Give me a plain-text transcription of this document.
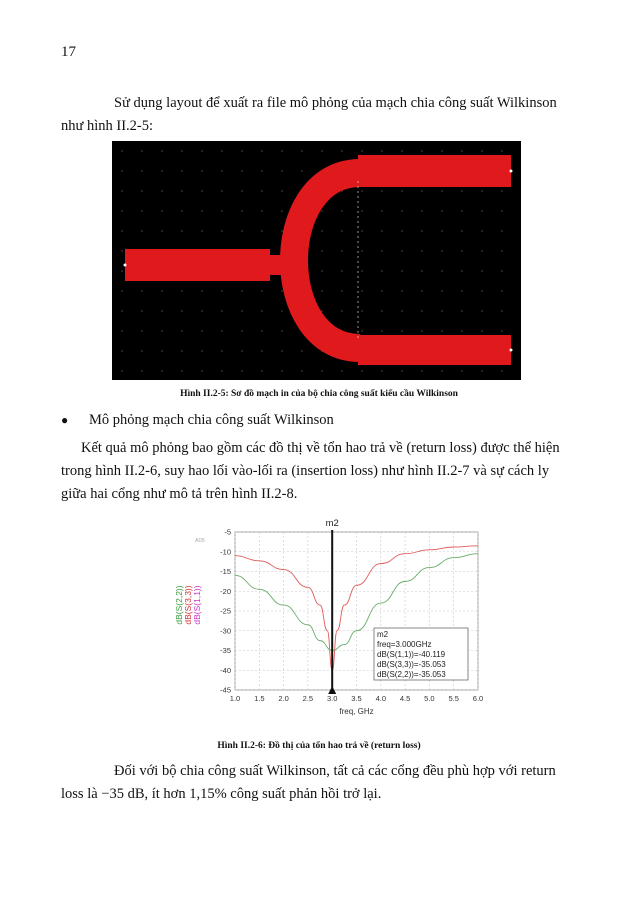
17

Sử dụng layout để xuất ra file mô phỏng của mạch chia công suất Wilkinson như hình II.2-5:

Hình II.2-5: Sơ đồ mạch in của bộ chia công suất kiểu cầu Wilkinson
● Mô phỏng mạch chia công suất Wilkinson

Kết quả mô phỏng bao gồm các đồ thị về tổn hao trả về (return loss) được thể hiện trong hình II.2-6, suy hao lối vào-lối ra (insertion loss) như hình II.2-7 và sự cách ly giữa hai cổng như mô tả trên hình II.2-8.

1.0 1.5 2.0 2.5 3.0 3.5 4.0 4.5 5.0 5.5 6.0
-5
-10
-15
-20
-25
-30
-35
-40
-45
freq, GHz
A05
dB(S(2,2)) dB(S(3,3)) dB(S(1,1))
m2
m2
freq=3.000GHz
dB(S(1,1))=-40.119
dB(S(3,3))=-35.053
dB(S(2,2))=-35.053
Hình II.2-6: Đồ thị của tổn hao trả về (return loss)

Đối với bộ chia công suất Wilkinson, tất cả các cổng đều phù hợp với return loss là −35 dB, ít hơn 1,15% công suất phản hồi trở lại.
